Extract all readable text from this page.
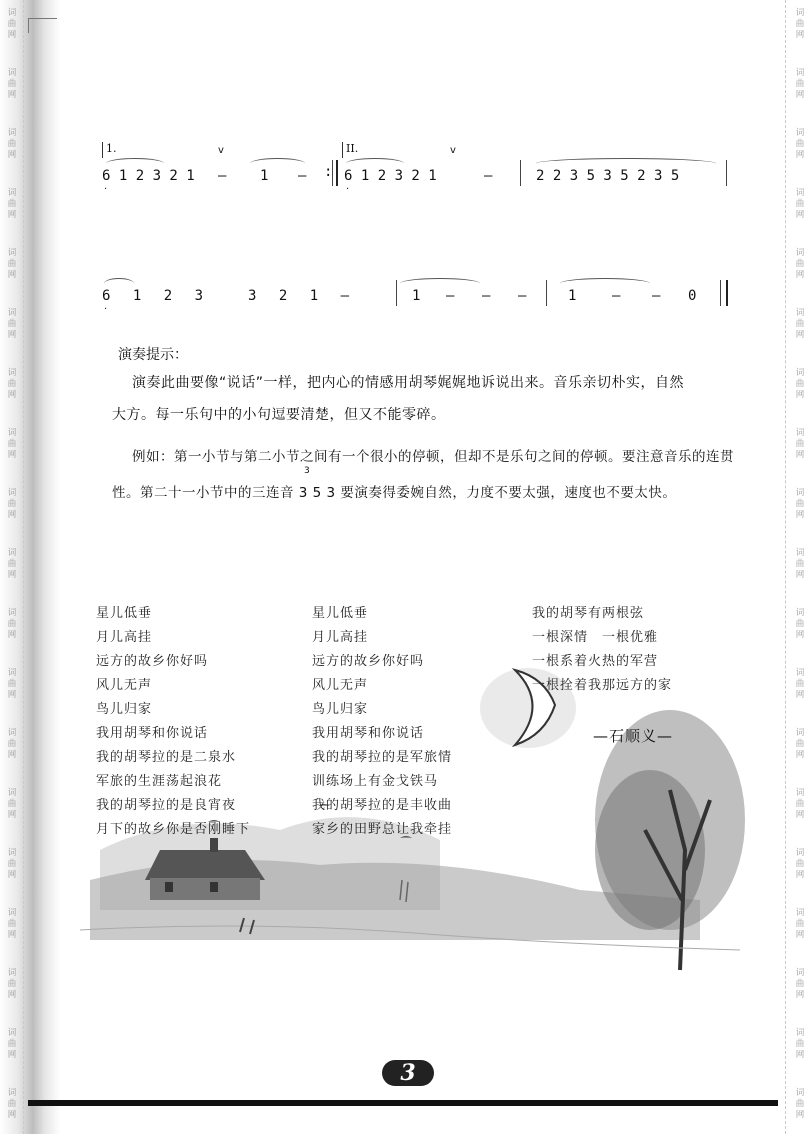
词
曲
网
词
曲
网
词
曲
网
词
曲
网
词
曲
网
词
曲
网
词
曲
网
词
曲
网
词
曲
网
词
曲
网
词
曲
网
词
曲
网
词
曲
网
词
曲
网
词
曲
网
词
曲
网
词
曲
网
词
曲
网
词
曲
网
词
曲
网
词
曲
网
词
曲
网
词
曲
网
词
曲
网
词
曲
网
词
曲
网
词
曲
网
词
曲
网
词
曲
网
词
曲
网
词
曲
网
词
曲
网
词
曲
网
词
曲
网
词
曲
网
词
曲
网
词
曲
网
词
曲
网
1.	v
6 1 2 3 2 1
·
– 1 – :
II.	v
6 1 2 3 2 1
·
–	2 2 3 5 3 5 2 3 5
6 1 2 3
·
3 2 1 –	1 – – –	1	– – 0
演奏提示：
演奏此曲要像“说话”一样，把内心的情感用胡琴娓娓地诉说出来。音乐亲切朴实，自然
大方。每一乐句中的小句逗要清楚，但又不能零碎。
例如：第一小节与第二小节之间有一个很小的停顿，但却不是乐句之间的停顿。要注意音乐的连贯
3
性。第二十一小节中的三连音 3 5 3 要演奏得委婉自然，力度不要太强，速度也不要太快。
星儿低垂
月儿高挂
远方的故乡你好吗
风儿无声
鸟儿归家
我用胡琴和你说话
我的胡琴拉的是二泉水
军旅的生涯荡起浪花
我的胡琴拉的是良宵夜
月下的故乡你是否刚睡下
星儿低垂
月儿高挂
远方的故乡你好吗
风儿无声
鸟儿归家
我用胡琴和你说话
我的胡琴拉的是军旅情
训练场上有金戈铁马
我的胡琴拉的是丰收曲
家乡的田野总让我牵挂
我的胡琴有两根弦
一根深情　一根优雅
一根系着火热的军营
一根拴着我那远方的家
—石顺义—
3
